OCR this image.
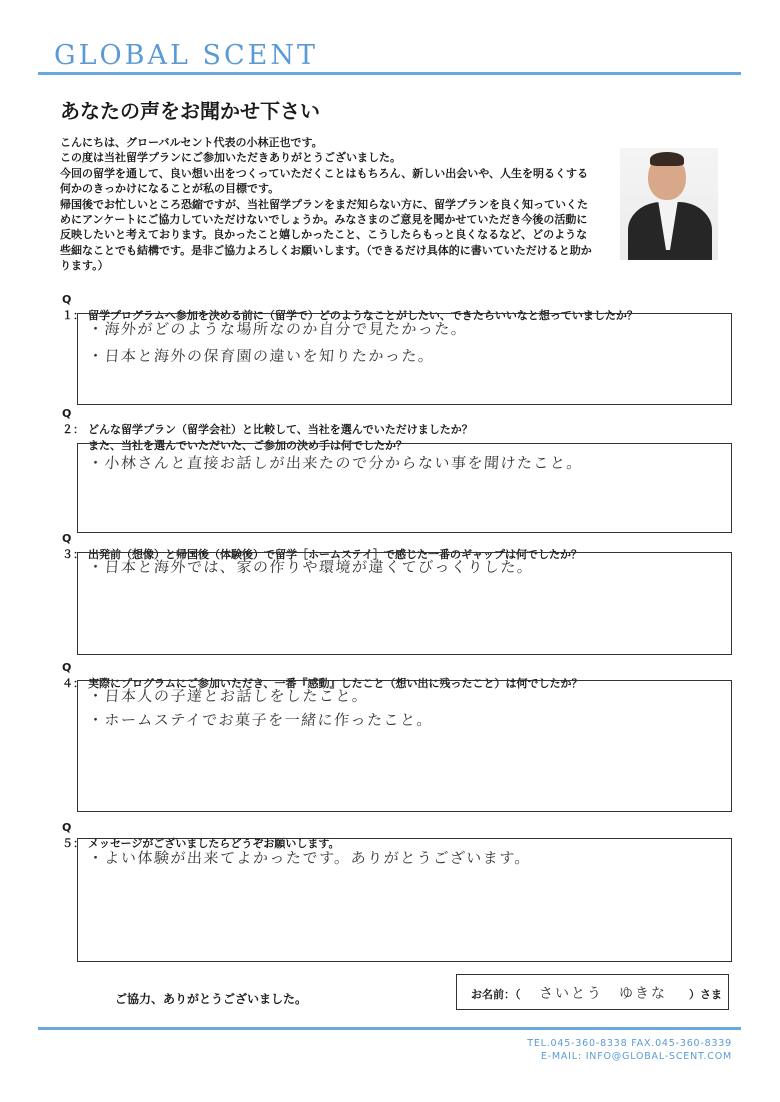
GLOBAL SCENT
あなたの声をお聞かせ下さい

こんにちは、グローバルセント代表の小林正也です。

この度は当社留学プランにご参加いただきありがとうございました。

今回の留学を通して、良い想い出をつくっていただくことはもちろん、新しい出会いや、人生を明るくする

何かのきっかけになることが私の目標です。

帰国後でお忙しいところ恐縮ですが、当社留学プランをまだ知らない方に、留学プランを良く知っていくた

めにアンケートにご協力していただけないでしょうか。みなさまのご意見を聞かせていただき今後の活動に

反映したいと考えております。良かったこと嬉しかったこと、こうしたらもっと良くなるなど、どのような

些細なことでも結構です。是非ご協力よろしくお願いします。（できるだけ具体的に書いていただけると助か

ります。）

Q１： 留学プログラムへ参加を決める前に（留学で）どのようなことがしたい、できたらいいなと想っていましたか？
・海外がどのような場所なのか自分で見たかった。
・日本と海外の保育園の違いを知りたかった。
Q２： どんな留学プラン（留学会社）と比較して、当社を選んでいただけましたか？
また、当社を選んでいただいた、ご参加の決め手は何でしたか？
・小林さんと直接お話しが出来たので分からない事を聞けたこと。
Q３： 出発前（想像）と帰国後（体験後）で留学［ホームステイ］で感じた一番のギャップは何でしたか？
・日本と海外では、家の作りや環境が違くてびっくりした。
Q４： 実際にプログラムにご参加いただき、一番『感動』したこと（想い出に残ったこと）は何でしたか？
・日本人の子達とお話しをしたこと。
・ホームステイでお菓子を一緒に作ったこと。
Q５： メッセージがございましたらどうぞお願いします。
・よい体験が出来てよかったです。ありがとうございます。
ご協力、ありがとうございました。	お名前：（ さいとう　ゆきな ）さま
TEL.045-360-8338 FAX.045-360-8339
E-MAIL: INFO@GLOBAL-SCENT.COM
